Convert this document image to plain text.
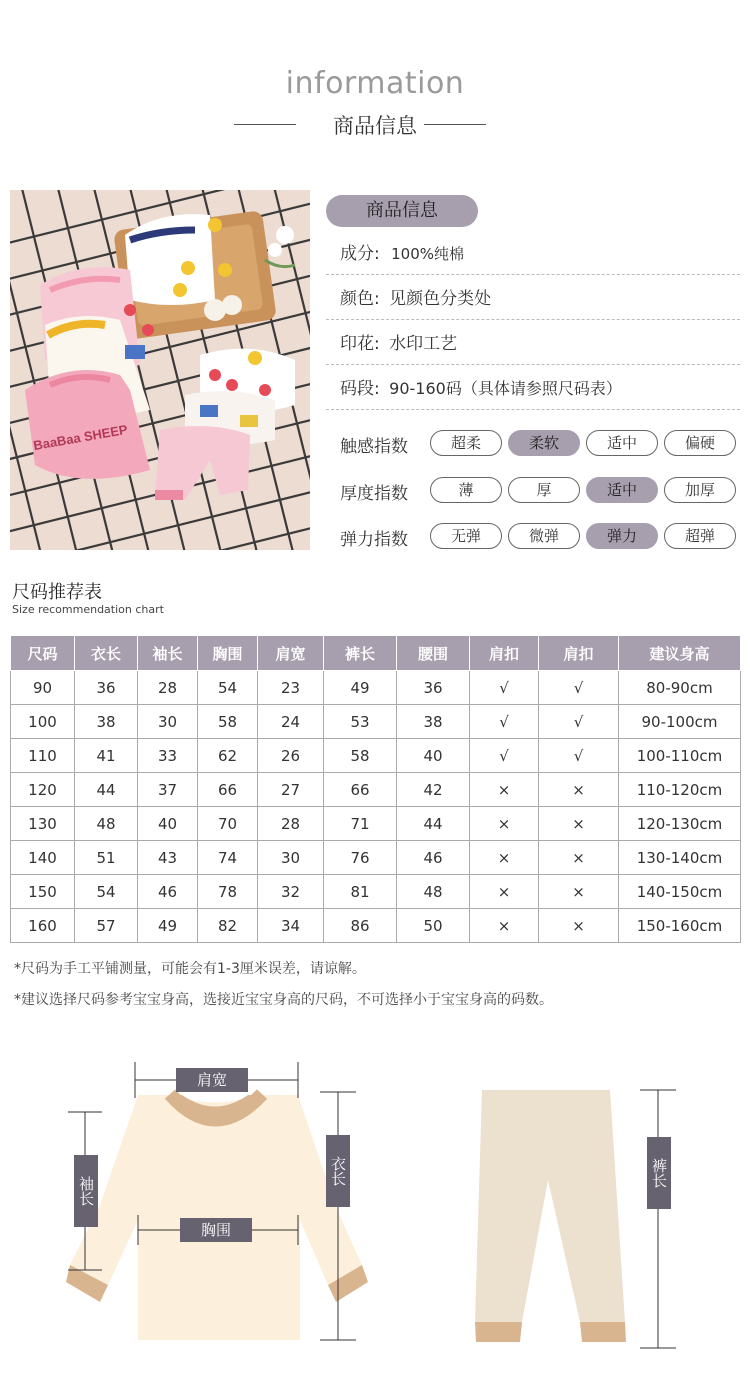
information
商品信息
BaaBaa SHEEP
商品信息
成分: 100%纯棉
颜色: 见颜色分类处
印花: 水印工艺
码段: 90-160码（具体请参照尺码表）
触感指数	超柔	柔软	适中	偏硬
厚度指数	薄	厚	适中	加厚
弹力指数	无弹	微弹	弹力	超弹
尺码推荐表
Size recommendation chart
尺码	衣长	袖长	胸围	肩宽	裤长	腰围	肩扣	肩扣	建议身高
90	36	28	54	23	49	36	√	√	80-90cm
100	38	30	58	24	53	38	√	√	90-100cm
110	41	33	62	26	58	40	√	√	100-110cm
120	44	37	66	27	66	42	×	×	110-120cm
130	48	40	70	28	71	44	×	×	120-130cm
140	51	43	74	30	76	46	×	×	130-140cm
150	54	46	78	32	81	48	×	×	140-150cm
160	57	49	82	34	86	50	×	×	150-160cm
*尺码为手工平铺测量，可能会有1-3厘米误差，请谅解。
*建议选择尺码参考宝宝身高，选接近宝宝身高的尺码，不可选择小于宝宝身高的码数。
肩宽
袖长
衣长
胸围
裤长
